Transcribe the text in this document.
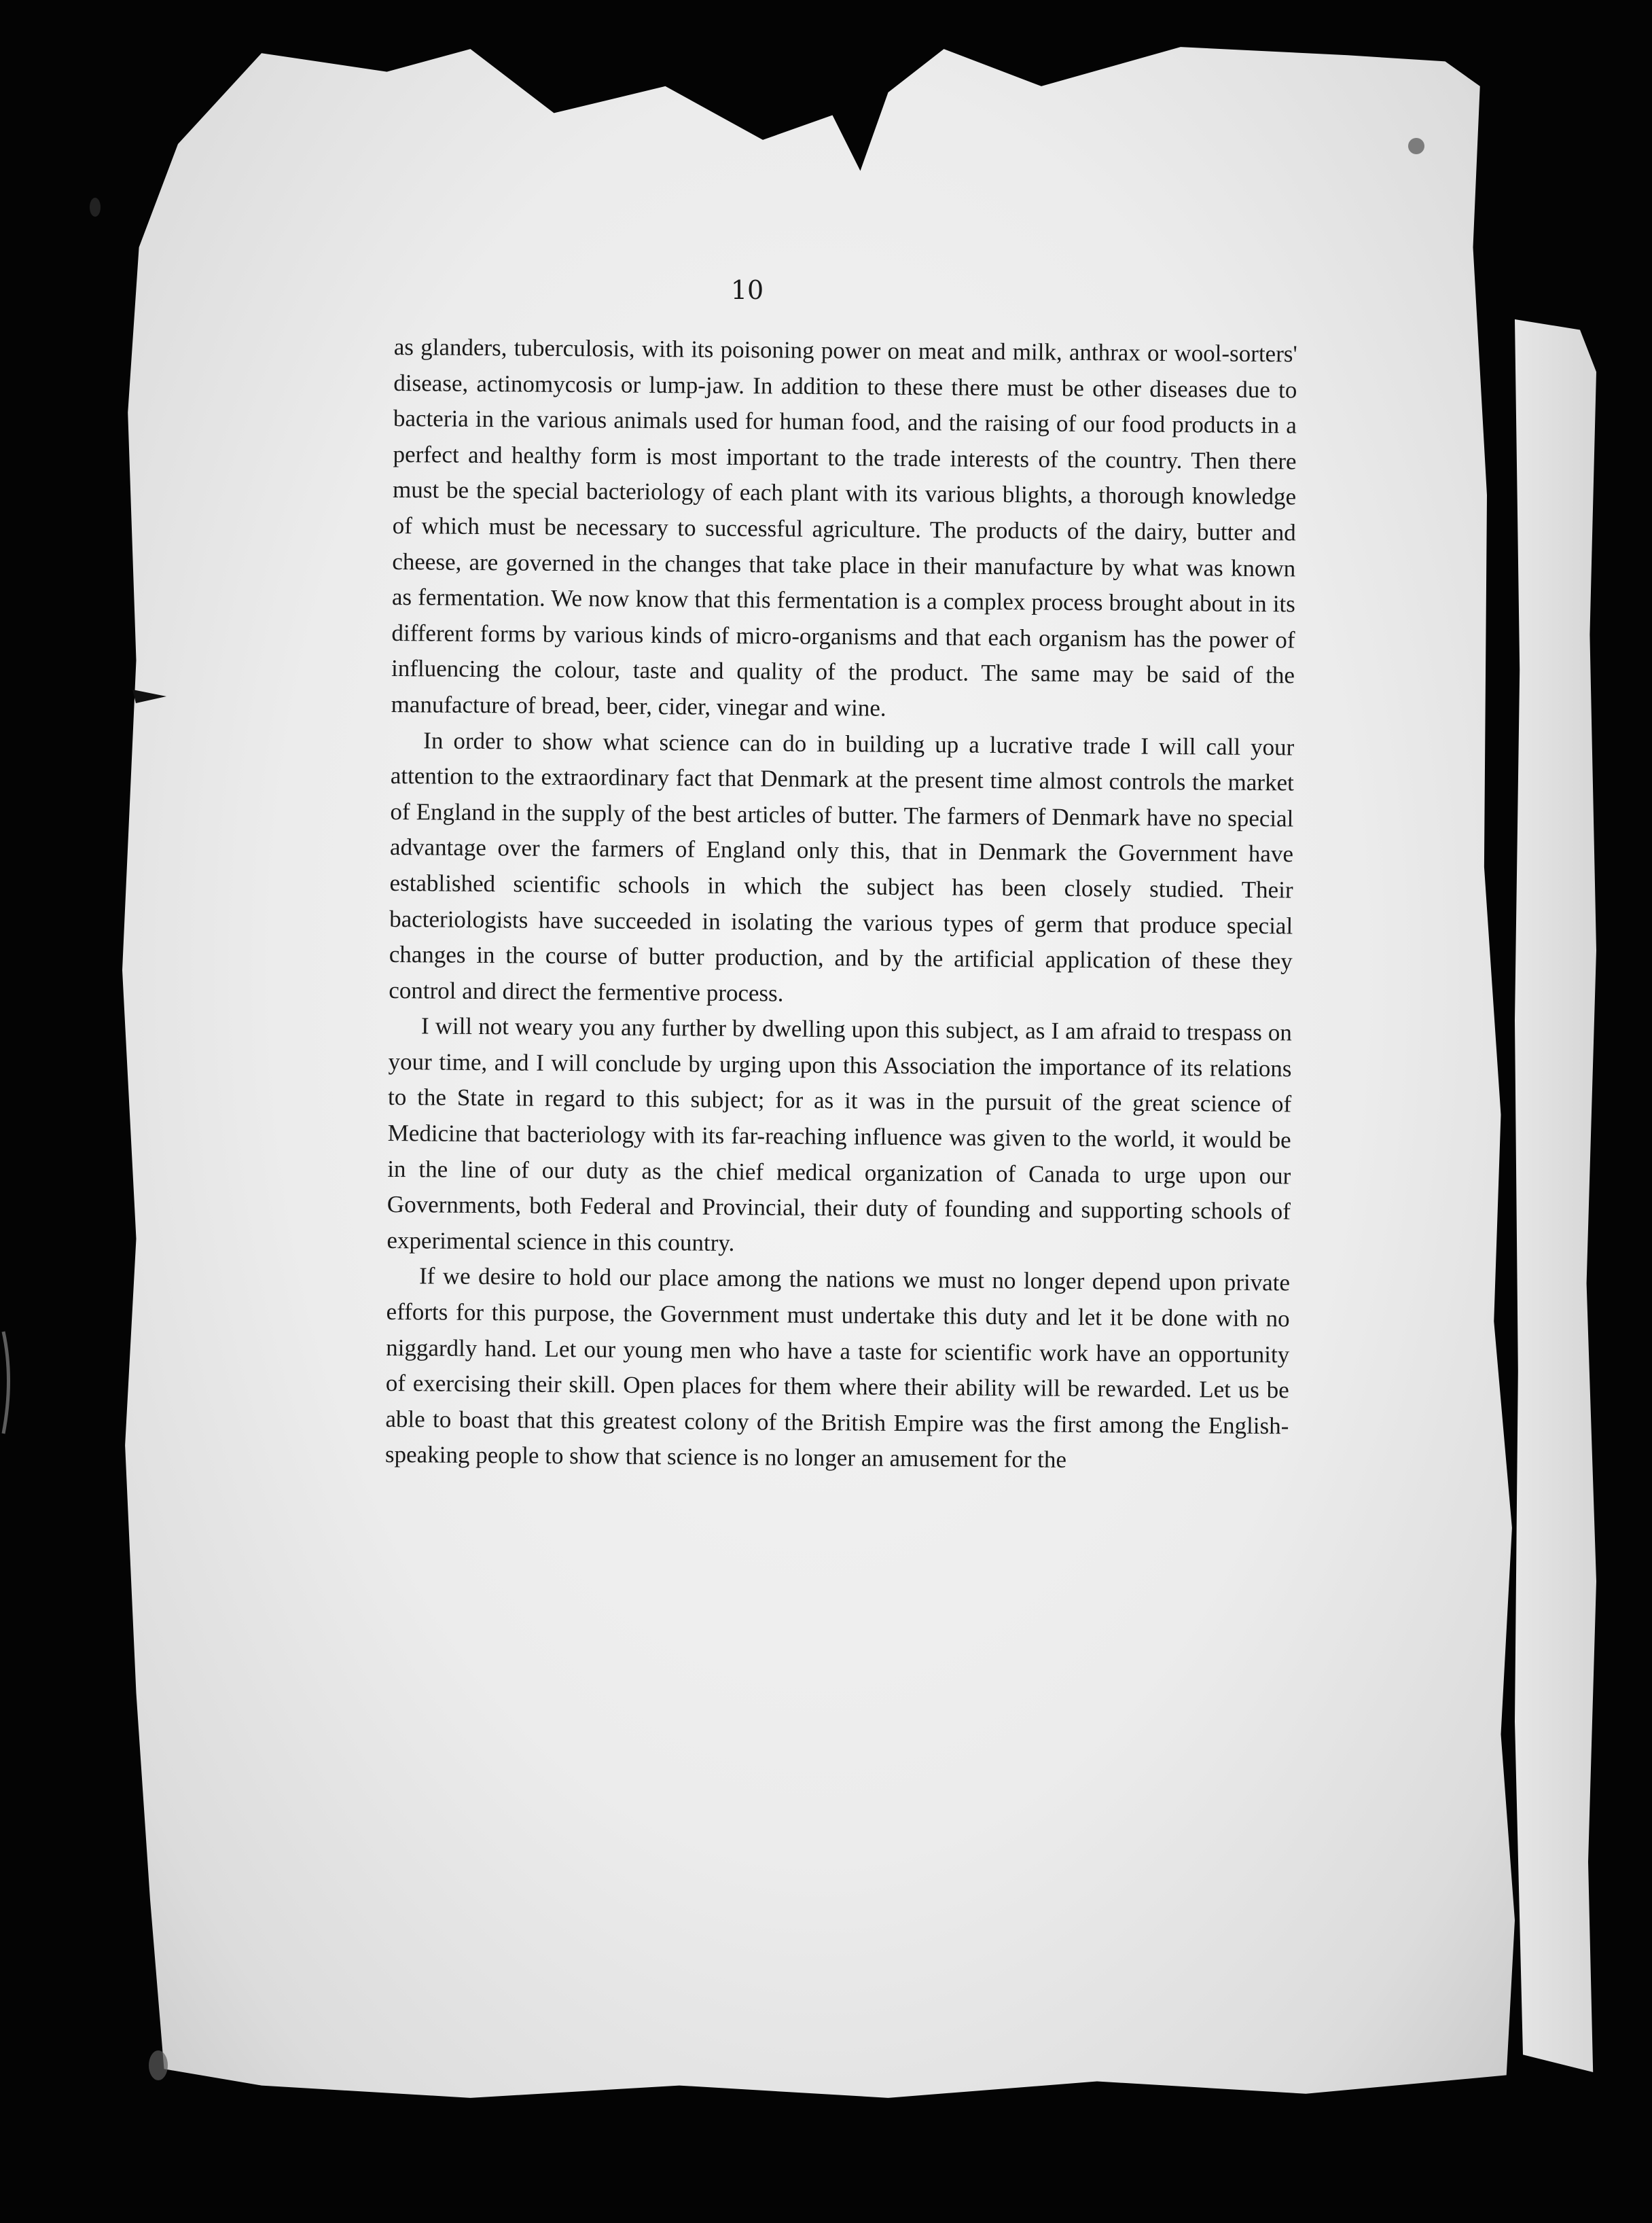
10

as glanders, tuberculosis, with its poisoning power on meat and milk, anthrax or wool-sorters' disease, actinomycosis or lump-jaw. In addition to these there must be other diseases due to bacteria in the various animals used for human food, and the raising of our food products in a perfect and healthy form is most important to the trade interests of the country. Then there must be the special bacteriology of each plant with its various blights, a thorough knowledge of which must be necessary to successful agriculture. The products of the dairy, butter and cheese, are governed in the changes that take place in their manufacture by what was known as fermentation. We now know that this fermentation is a complex process brought about in its different forms by various kinds of micro-organisms and that each organism has the power of influencing the colour, taste and quality of the product. The same may be said of the manufacture of bread, beer, cider, vinegar and wine.

In order to show what science can do in building up a lucrative trade I will call your attention to the extraordinary fact that Denmark at the present time almost controls the market of England in the supply of the best articles of butter. The farmers of Denmark have no special advantage over the farmers of England only this, that in Denmark the Government have established scientific schools in which the subject has been closely studied. Their bacteriologists have succeeded in isolating the various types of germ that produce special changes in the course of butter production, and by the artificial application of these they control and direct the fermentive process.

I will not weary you any further by dwelling upon this subject, as I am afraid to trespass on your time, and I will conclude by urging upon this Association the importance of its relations to the State in regard to this subject; for as it was in the pursuit of the great science of Medicine that bacteriology with its far-reaching influence was given to the world, it would be in the line of our duty as the chief medical organization of Canada to urge upon our Governments, both Federal and Provincial, their duty of founding and supporting schools of experimental science in this country.

If we desire to hold our place among the nations we must no longer depend upon private efforts for this purpose, the Government must undertake this duty and let it be done with no niggardly hand. Let our young men who have a taste for scientific work have an opportunity of exercising their skill. Open places for them where their ability will be rewarded. Let us be able to boast that this greatest colony of the British Empire was the first among the English-speaking people to show that science is no longer an amusement for the
